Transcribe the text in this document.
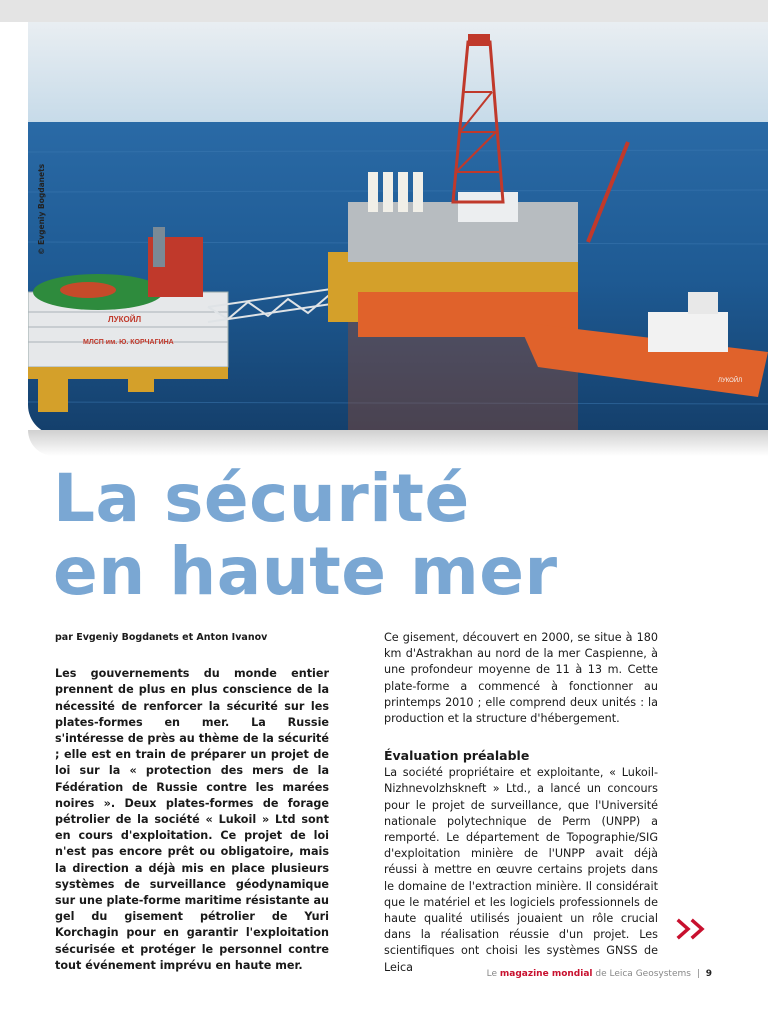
ЛУКОЙЛ
МЛСП им. Ю. КОРЧАГИНА
ЛУКОЙЛ
© Evgeniy Bogdanets
La sécurité
en haute mer

par Evgeniy Bogdanets et Anton Ivanov

Les gouvernements du monde entier prennent de plus en plus conscience de la nécessité de renforcer la sécurité sur les plates-formes en mer. La Russie s'intéresse de près au thème de la sécurité ; elle est en train de préparer un projet de loi sur la « protection des mers de la Fédération de Russie contre les marées noires ». Deux plates-formes de forage pétrolier de la société « Lukoil » Ltd sont en cours d'exploitation. Ce projet de loi n'est pas encore prêt ou obligatoire, mais la direction a déjà mis en place plusieurs systèmes de surveillance géodynamique sur une plate-forme maritime résistante au gel du gisement pétrolier de Yuri Korchagin pour en garantir l'exploitation sécurisée et protéger le personnel contre tout événement imprévu en haute mer.

Ce gisement, découvert en 2000, se situe à 180 km d'Astrakhan au nord de la mer Caspienne, à une profondeur moyenne de 11 à 13 m. Cette plate-forme a commencé à fonctionner au printemps 2010 ; elle comprend deux unités : la production et la structure d'hébergement.

Évaluation préalable

La société propriétaire et exploitante, « Lukoil-Nizhnevolzhskneft » Ltd., a lancé un concours pour le projet de surveillance, que l'Université nationale polytechnique de Perm (UNPP) a remporté. Le département de Topographie/SIG d'exploitation minière de l'UNPP avait déjà réussi à mettre en œuvre certains projets dans le domaine de l'extraction minière. Il considérait que le matériel et les logiciels professionnels de haute qualité utilisés jouaient un rôle crucial dans la réalisation réussie d'un projet. Les scientifiques ont choisi les systèmes GNSS de Leica

Le magazine mondial de Leica Geosystems | 9
